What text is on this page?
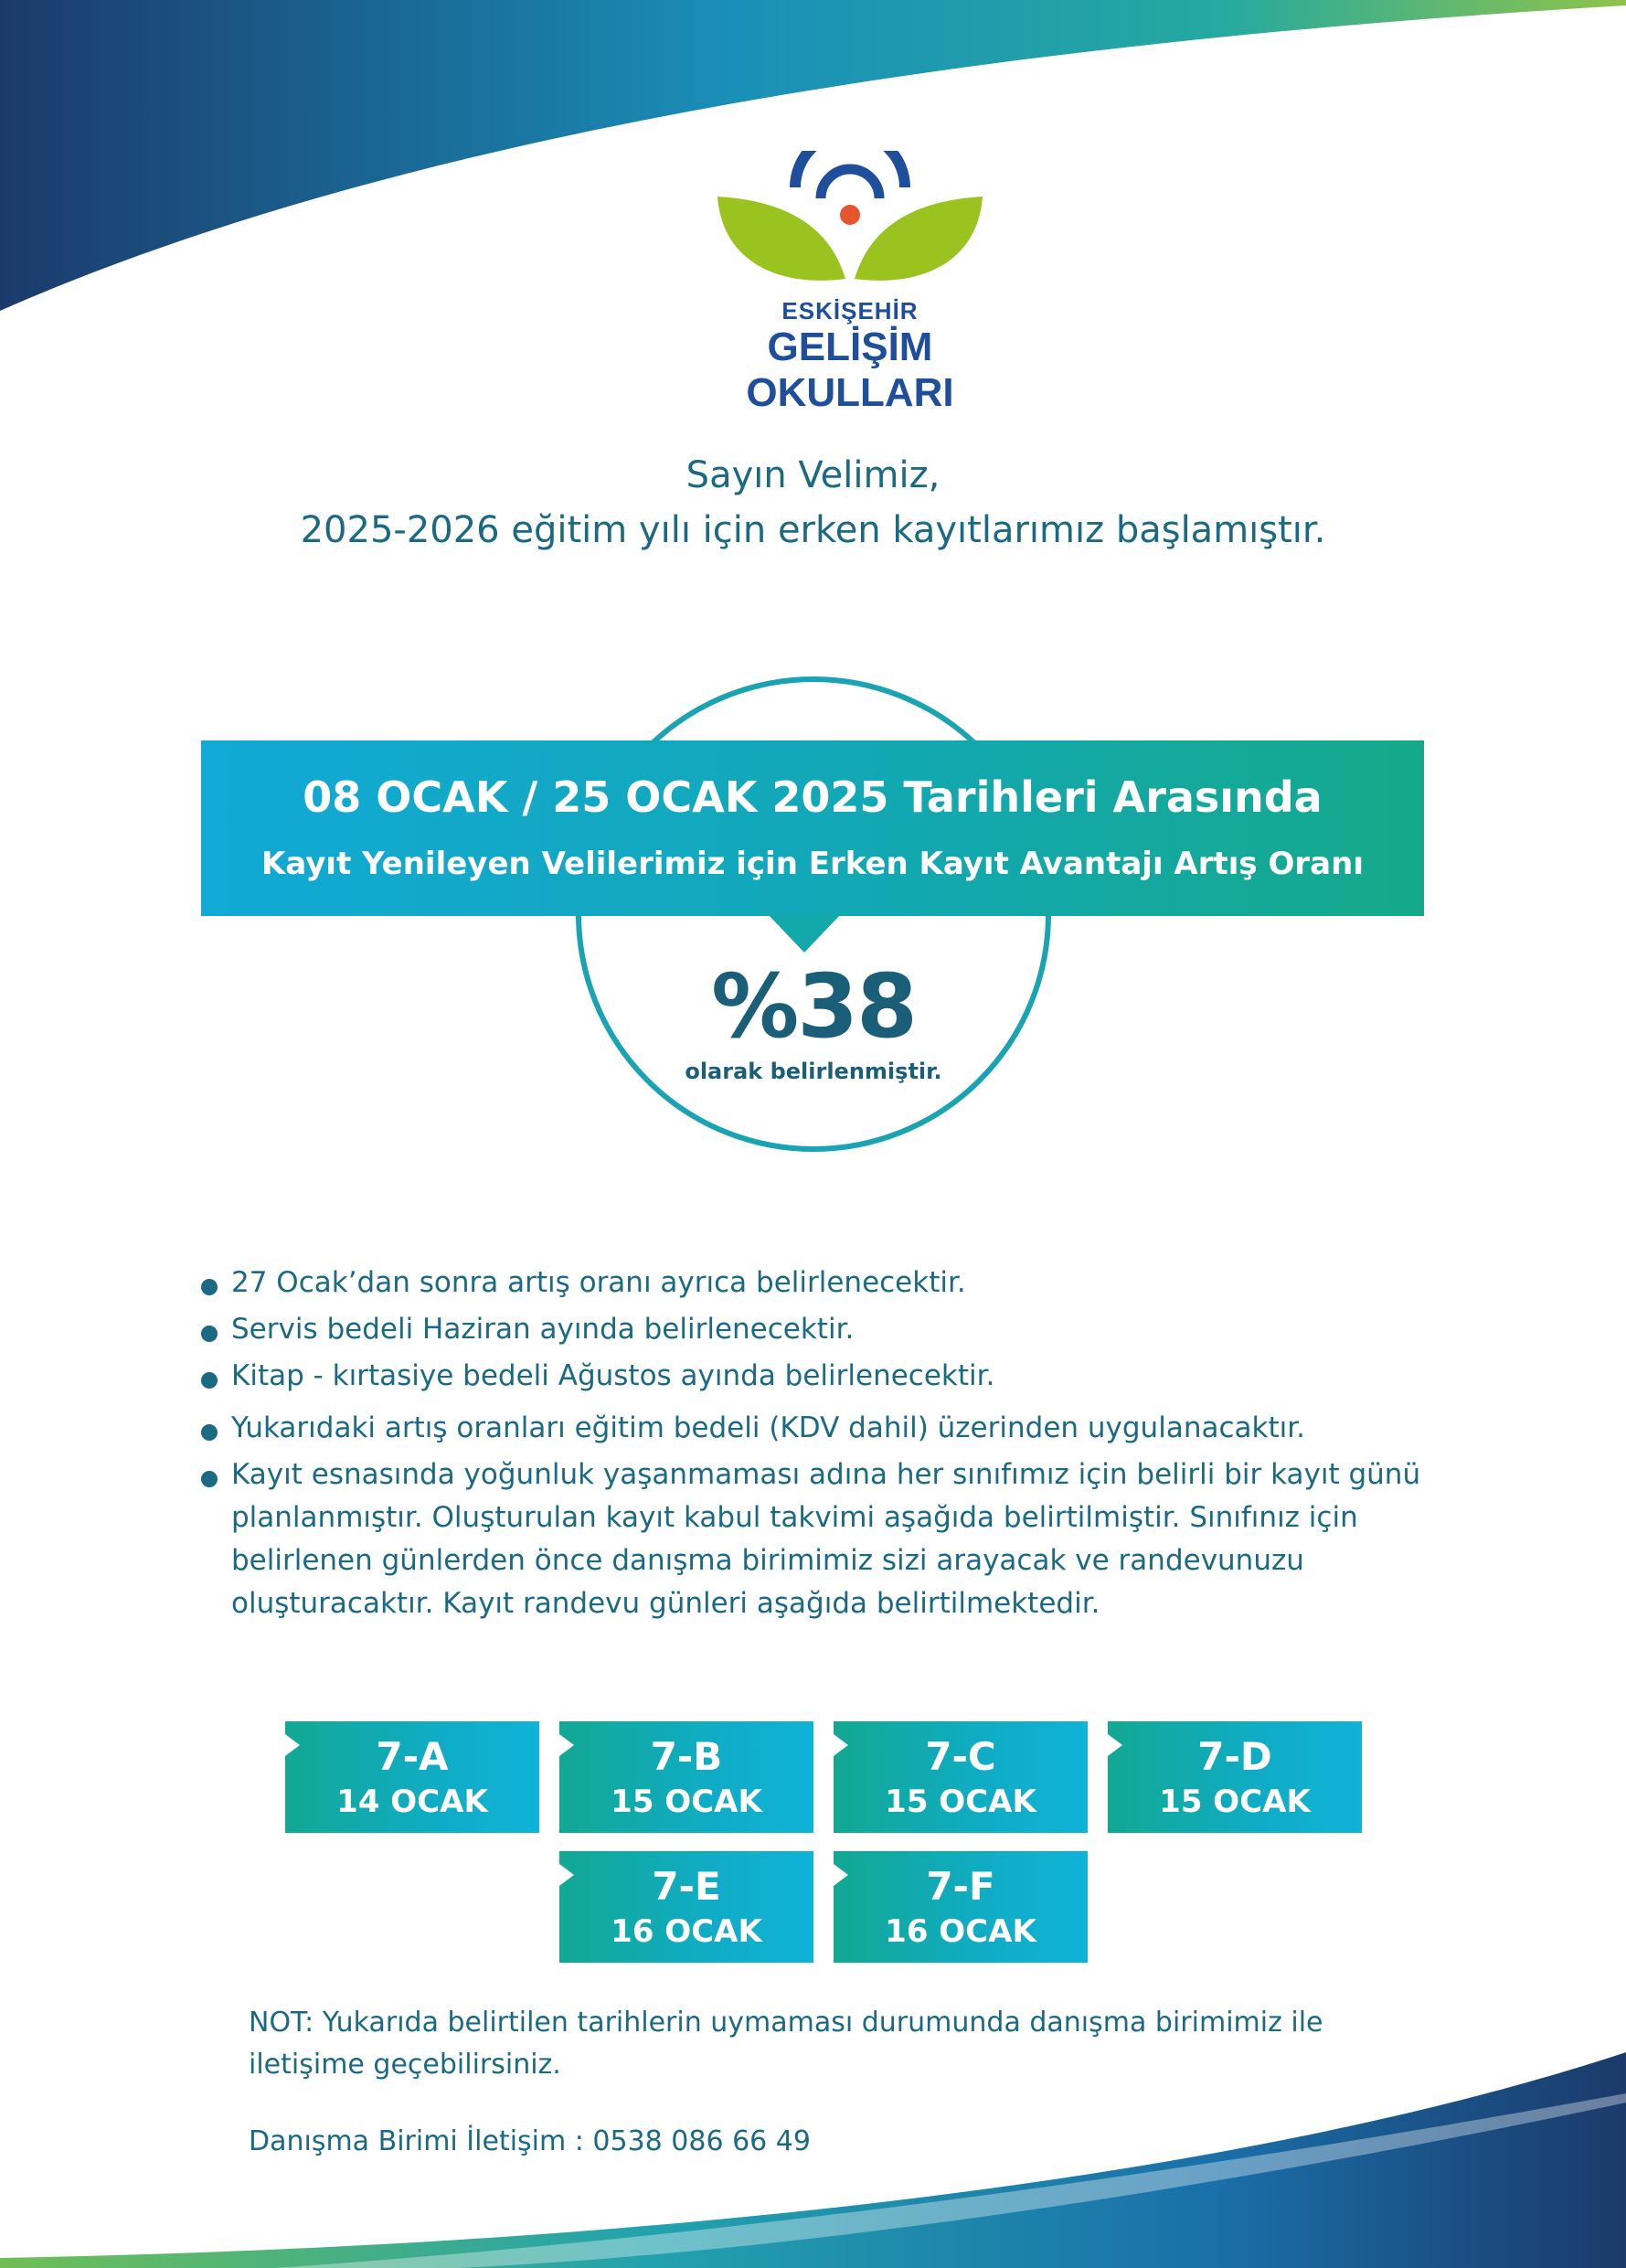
ESKİŞEHİR
GELİŞİM OKULLARI
Sayın Velimiz,
2025-2026 eğitim yılı için erken kayıtlarımız başlamıştır.
08 OCAK / 25 OCAK 2025 Tarihleri Arasında
Kayıt Yenileyen Velilerimiz için Erken Kayıt Avantajı Artış Oranı
%38
olarak belirlenmiştir.
27 Ocak’dan sonra artış oranı ayrıca belirlenecektir.
Servis bedeli Haziran ayında belirlenecektir.
Kitap - kırtasiye bedeli Ağustos ayında belirlenecektir.
Yukarıdaki artış oranları eğitim bedeli (KDV dahil) üzerinden uygulanacaktır.
Kayıt esnasında yoğunluk yaşanmaması adına her sınıfımız için belirli bir kayıt günü planlanmıştır. Oluşturulan kayıt kabul takvimi aşağıda belirtilmiştir. Sınıfınız için belirlenen günlerden önce danışma birimimiz sizi arayacak ve randevunuzu oluşturacaktır. Kayıt randevu günleri aşağıda belirtilmektedir.
7-A
14 OCAK
7-B
15 OCAK
7-C
15 OCAK
7-D
15 OCAK
7-E
16 OCAK
7-F
16 OCAK
NOT: Yukarıda belirtilen tarihlerin uymaması durumunda danışma birimimiz ile iletişime geçebilirsiniz.
Danışma Birimi İletişim : 0538 086 66 49
